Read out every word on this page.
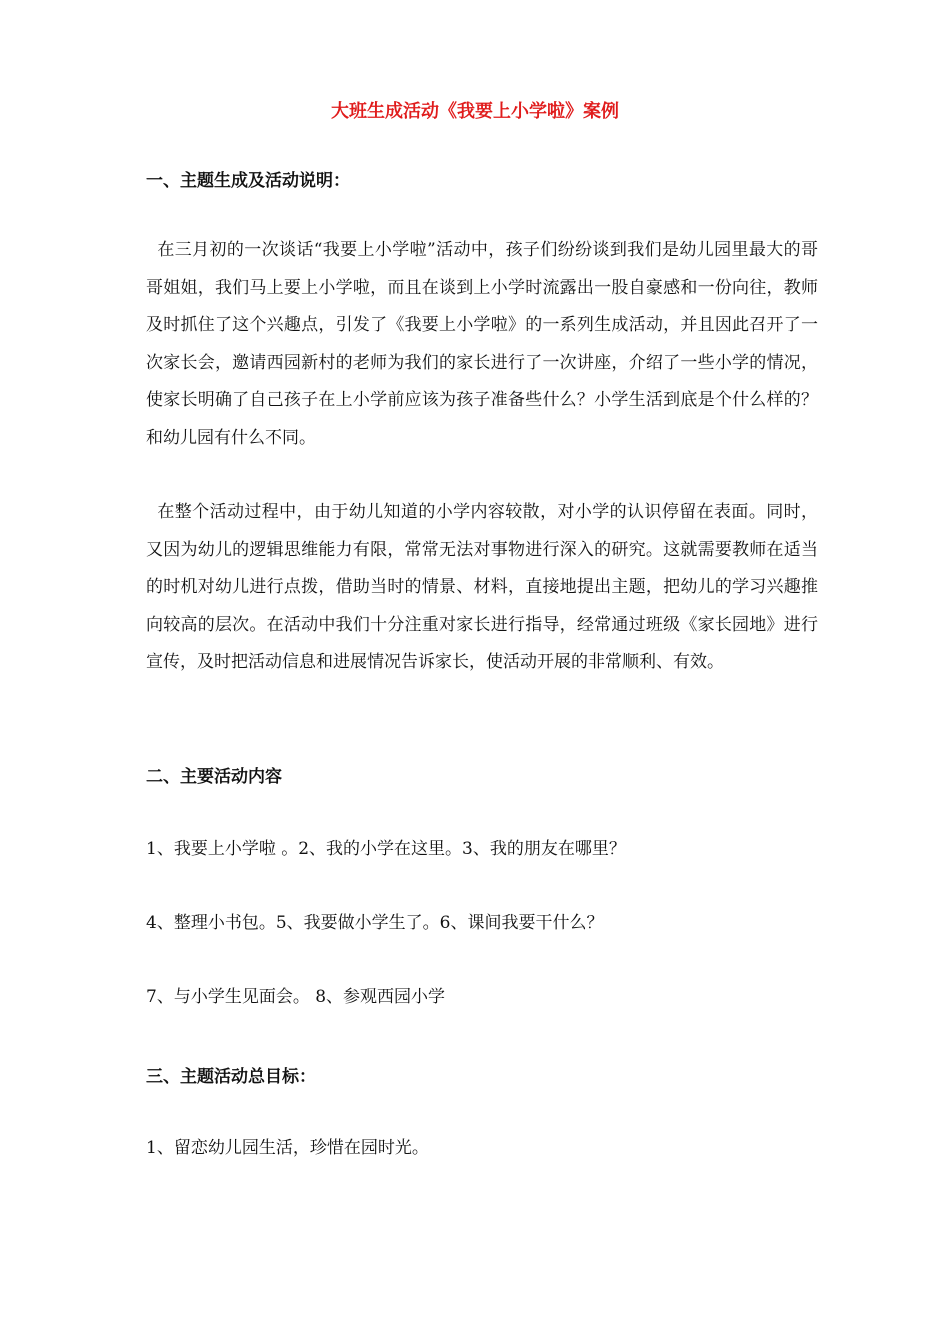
大班生成活动《我要上小学啦》案例
一、主题生成及活动说明：
在三月初的一次谈话“我要上小学啦”活动中，孩子们纷纷谈到我们是幼儿园里最大的哥哥姐姐，我们马上要上小学啦，而且在谈到上小学时流露出一股自豪感和一份向往，教师及时抓住了这个兴趣点，引发了《我要上小学啦》的一系列生成活动，并且因此召开了一次家长会，邀请西园新村的老师为我们的家长进行了一次讲座，介绍了一些小学的情况，使家长明确了自己孩子在上小学前应该为孩子准备些什么？小学生活到底是个什么样的？和幼儿园有什么不同。
在整个活动过程中，由于幼儿知道的小学内容较散，对小学的认识停留在表面。同时，又因为幼儿的逻辑思维能力有限，常常无法对事物进行深入的研究。这就需要教师在适当的时机对幼儿进行点拨，借助当时的情景、材料，直接地提出主题，把幼儿的学习兴趣推向较高的层次。在活动中我们十分注重对家长进行指导，经常通过班级《家长园地》进行宣传，及时把活动信息和进展情况告诉家长，使活动开展的非常顺利、有效。
二、主要活动内容
1、我要上小学啦 。2、我的小学在这里。3、我的朋友在哪里？
4、整理小书包。5、我要做小学生了。6、课间我要干什么？
7、与小学生见面会。 8、参观西园小学
三、主题活动总目标：
1、留恋幼儿园生活，珍惜在园时光。
